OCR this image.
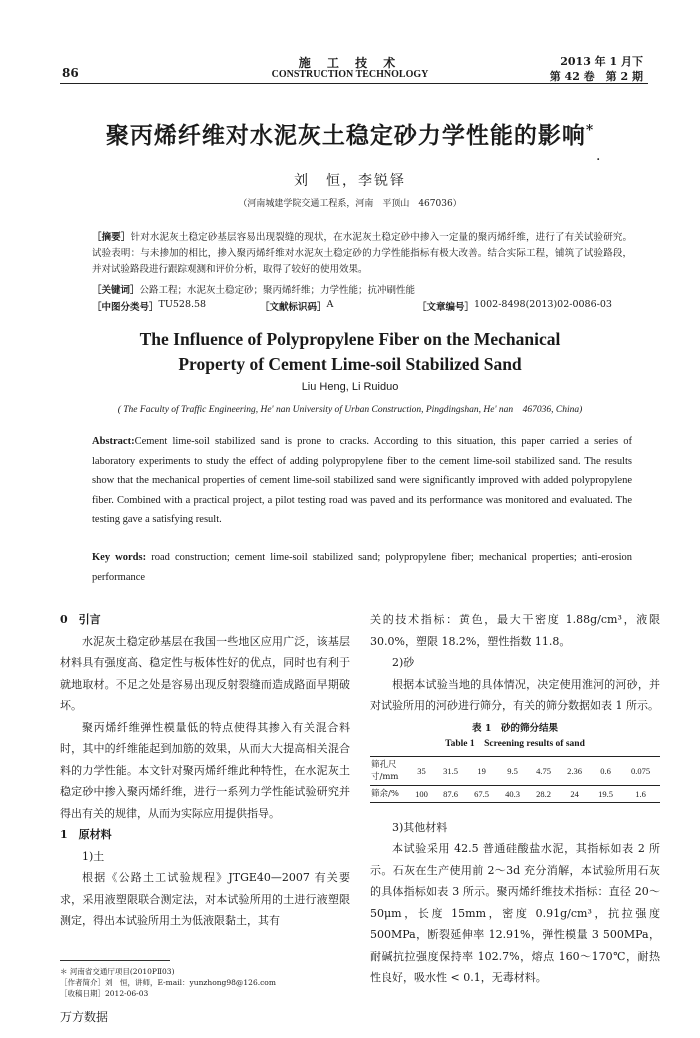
86
施 工 技 术
CONSTRUCTION TECHNOLOGY
2013 年 1 月下
第 42 卷　第 2 期
聚丙烯纤维对水泥灰土稳定砂力学性能的影响*
·
刘　恒，李锐铎
（河南城建学院交通工程系，河南　平顶山　467036）
［摘要］针对水泥灰土稳定砂基层容易出现裂缝的现状，在水泥灰土稳定砂中掺入一定量的聚丙烯纤维，进行了有关试验研究。试验表明：与未掺加的相比，掺入聚丙烯纤维对水泥灰土稳定砂的力学性能指标有极大改善。结合实际工程，铺筑了试验路段，并对试验路段进行跟踪观测和评价分析，取得了较好的使用效果。
［关键词］公路工程；水泥灰土稳定砂；聚丙烯纤维；力学性能；抗冲刷性能
［中图分类号］ TU528.58	［文献标识码］ A	［文章编号］ 1002-8498(2013)02-0086-03
The Influence of Polypropylene Fiber on the Mechanical
Property of Cement Lime-soil Stabilized Sand
Liu Heng, Li Ruiduo
( The Faculty of Traffic Engineering, He' nan University of Urban Construction, Pingdingshan, He' nan　467036, China)
Abstract:Cement lime-soil stabilized sand is prone to cracks. According to this situation, this paper carried a series of laboratory experiments to study the effect of adding polypropylene fiber to the cement lime-soil stabilized sand. The results show that the mechanical properties of cement lime-soil stabilized sand were significantly improved with added polypropylene fiber. Combined with a practical project, a pilot testing road was paved and its performance was monitored and evaluated. The testing gave a satisfying result.
Key words: road construction; cement lime-soil stabilized sand; polypropylene fiber; mechanical properties; anti-erosion performance

0　引言

水泥灰土稳定砂基层在我国一些地区应用广泛，该基层材料具有强度高、稳定性与板体性好的优点，同时也有利于就地取材。不足之处是容易出现反射裂缝而造成路面早期破坏。

聚丙烯纤维弹性模量低的特点使得其掺入有关混合料时，其中的纤维能起到加筋的效果，从而大大提高相关混合料的力学性能。本文针对聚丙烯纤维此种特性，在水泥灰土稳定砂中掺入聚丙烯纤维，进行一系列力学性能试验研究并得出有关的规律，从而为实际应用提供指导。

1　原材料

1)土

根据《公路土工试验规程》JTGE40—2007 有关要求，采用液塑限联合测定法，对本试验所用的土进行液塑限测定，得出本试验所用土为低液限黏土，其有

关的技术指标：黄色，最大干密度 1.88g/cm³，液限 30.0%，塑限 18.2%，塑性指数 11.8。

2)砂

根据本试验当地的具体情况，决定使用淮河的河砂，并对试验所用的河砂进行筛分，有关的筛分数据如表 1 所示。

表 1　砂的筛分结果
Table 1　Screening results of sand
筛孔尺寸/mm	35	31.5	19	9.5	4.75	2.36	0.6	0.075
筛余/%	100	87.6	67.5	40.3	28.2	24	19.5	1.6

3)其他材料

本试验采用 42.5 普通硅酸盐水泥，其指标如表 2 所示。石灰在生产使用前 2～3d 充分消解，本试验所用石灰的具体指标如表 3 所示。聚丙烯纤维技术指标：直径 20～50μm，长度 15mm，密度 0.91g/cm³，抗拉强度 500MPa，断裂延伸率 12.91%，弹性模量 3 500MPa，耐碱抗拉强度保持率 102.7%，熔点 160～170℃，耐热性良好，吸水性 < 0.1，无毒材料。

＊ 河南省交通厅项目(2010PⅡ03)
［作者简介］刘　恒，讲师，E-mail：yunzhong98@126.com
［收稿日期］2012-06-03
万方数据
